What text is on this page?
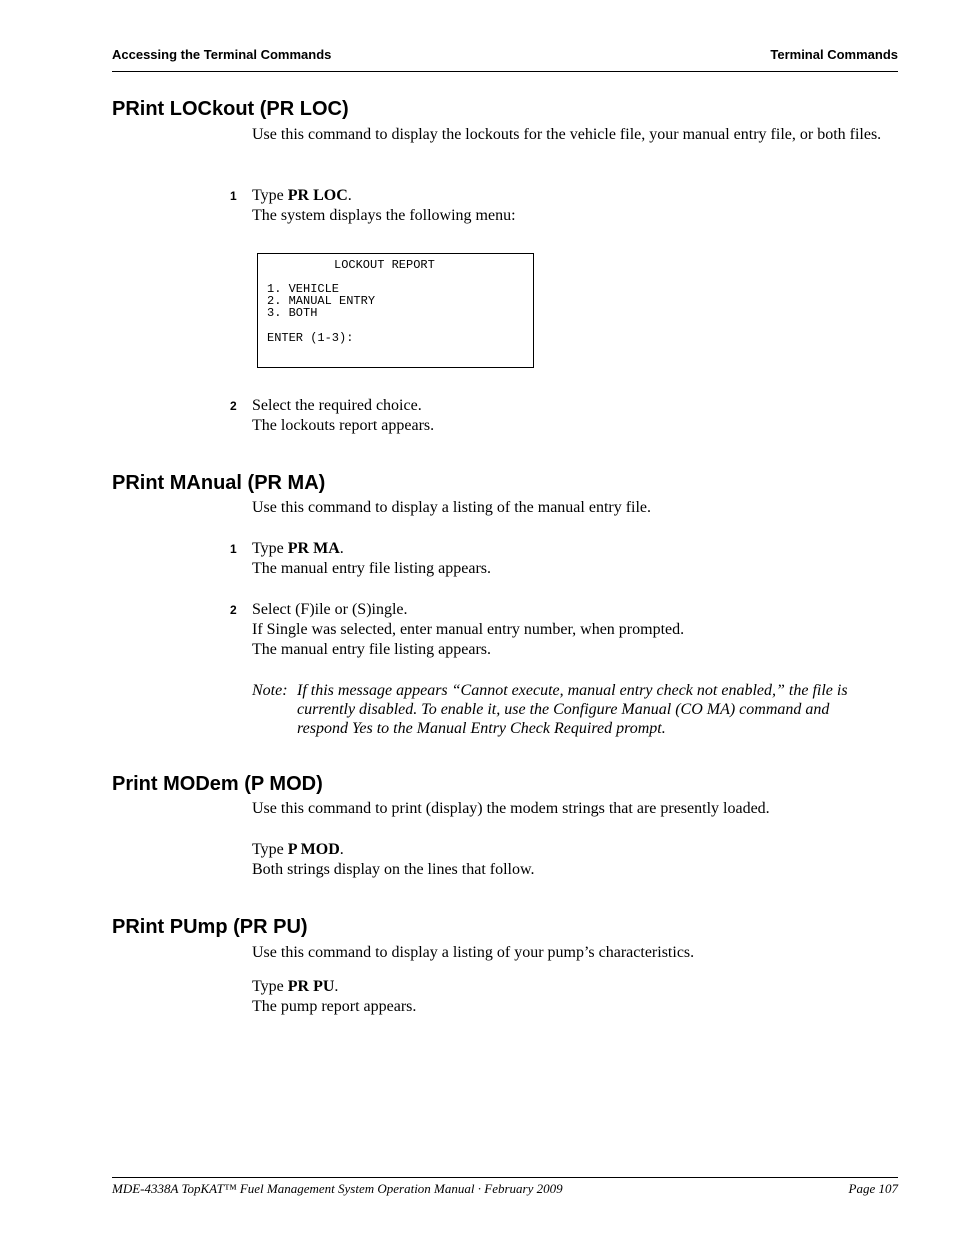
Accessing the Terminal Commands	Terminal Commands
PRint LOCkout (PR LOC)

Use this command to display the lockouts for the vehicle file, your manual entry file, or both files.

1 Type PR LOC.

The system displays the following menu:

LOCKOUT REPORT
1. VEHICLE
2. MANUAL ENTRY
3. BOTH
ENTER (1-3):
2 Select the required choice.

The lockouts report appears.

PRint MAnual (PR MA)

Use this command to display a listing of the manual entry file.

1 Type PR MA.

The manual entry file listing appears.

2 Select (F)ile or (S)ingle.

If Single was selected, enter manual entry number, when prompted.

The manual entry file listing appears.

Note: If this message appears “Cannot execute, manual entry check not enabled,” the file is
currently disabled. To enable it, use the Configure Manual (CO MA) command and
respond Yes to the Manual Entry Check Required prompt.
Print MODem (P MOD)

Use this command to print (display) the modem strings that are presently loaded.

Type P MOD.

Both strings display on the lines that follow.

PRint PUmp (PR PU)

Use this command to display a listing of your pump’s characteristics.

Type PR PU.

The pump report appears.

MDE-4338A TopKAT™ Fuel Management System Operation Manual · February 2009	Page 107
